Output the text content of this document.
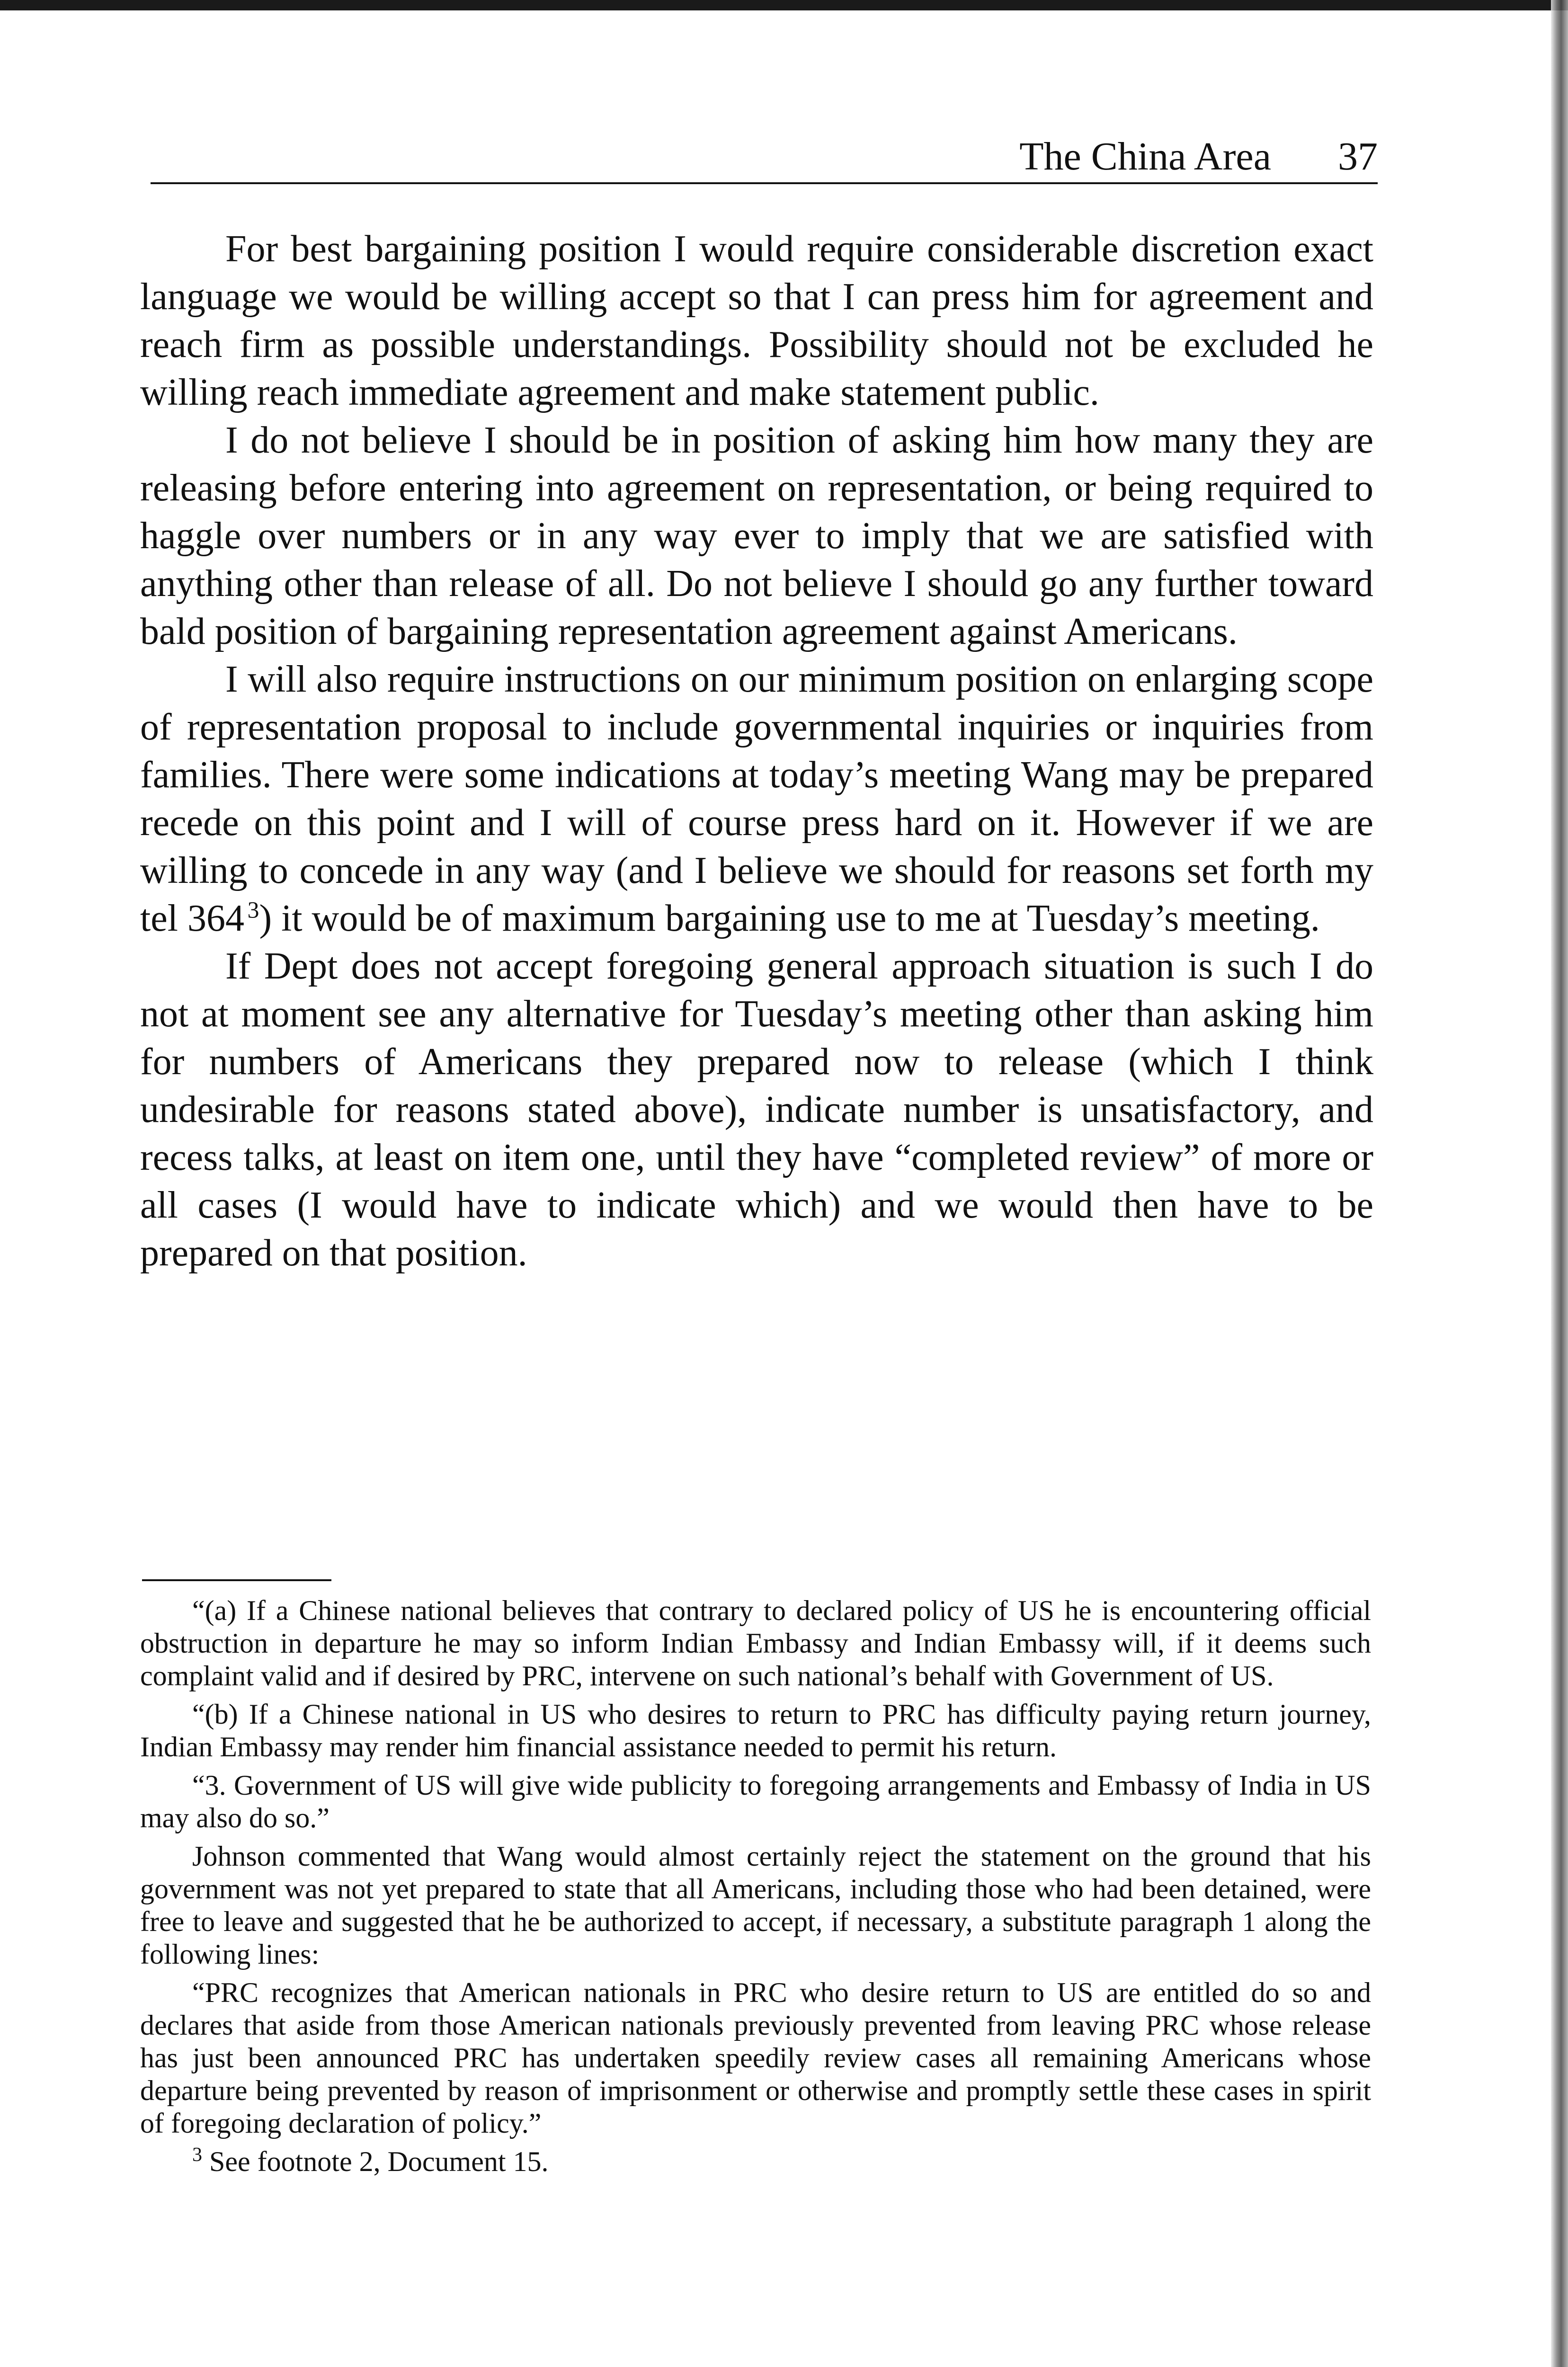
The China Area 37

For best bargaining position I would require considerable discretion exact language we would be willing accept so that I can press him for agreement and reach firm as possible understandings. Possibility should not be excluded he willing reach immediate agreement and make statement public.

I do not believe I should be in position of asking him how many they are releasing before entering into agreement on representation, or being required to haggle over numbers or in any way ever to imply that we are satisfied with anything other than release of all. Do not believe I should go any further toward bald position of bargaining representation agreement against Americans.

I will also require instructions on our minimum position on enlarging scope of representation proposal to include governmental inquiries or inquiries from families. There were some indications at today’s meeting Wang may be prepared recede on this point and I will of course press hard on it. However if we are willing to concede in any way (and I believe we should for reasons set forth my tel 364  $^3$) it would be of maximum bargaining use to me at Tuesday’s meeting.

If Dept does not accept foregoing general approach situation is such I do not at moment see any alternative for Tuesday’s meeting other than asking him for numbers of Americans they prepared now to release (which I think undesirable for reasons stated above), indicate number is unsatisfactory, and recess talks, at least on item one, until they have “completed review” of more or all cases (I would have to indicate which) and we would then have to be prepared on that position.

“(a) If a Chinese national believes that contrary to declared policy of US he is encountering official obstruction in departure he may so inform Indian Embassy and Indian Embassy will, if it deems such complaint valid and if desired by PRC, intervene on such national’s behalf with Government of US.

“(b) If a Chinese national in US who desires to return to PRC has difficulty paying return journey, Indian Embassy may render him financial assistance needed to permit his return.

“3. Government of US will give wide publicity to foregoing arrangements and Embassy of India in US may also do so.”

Johnson commented that Wang would almost certainly reject the statement on the ground that his government was not yet prepared to state that all Americans, including those who had been detained, were free to leave and suggested that he be authorized to accept, if necessary, a substitute paragraph 1 along the following lines:

“PRC recognizes that American nationals in PRC who desire return to US are entitled do so and declares that aside from those American nationals previously prevented from leaving PRC whose release has just been announced PRC has undertaken speedily review cases all remaining Americans whose departure being prevented by reason of imprisonment or otherwise and promptly settle these cases in spirit of foregoing declaration of policy.”

$^3$ See footnote 2, Document 15.
